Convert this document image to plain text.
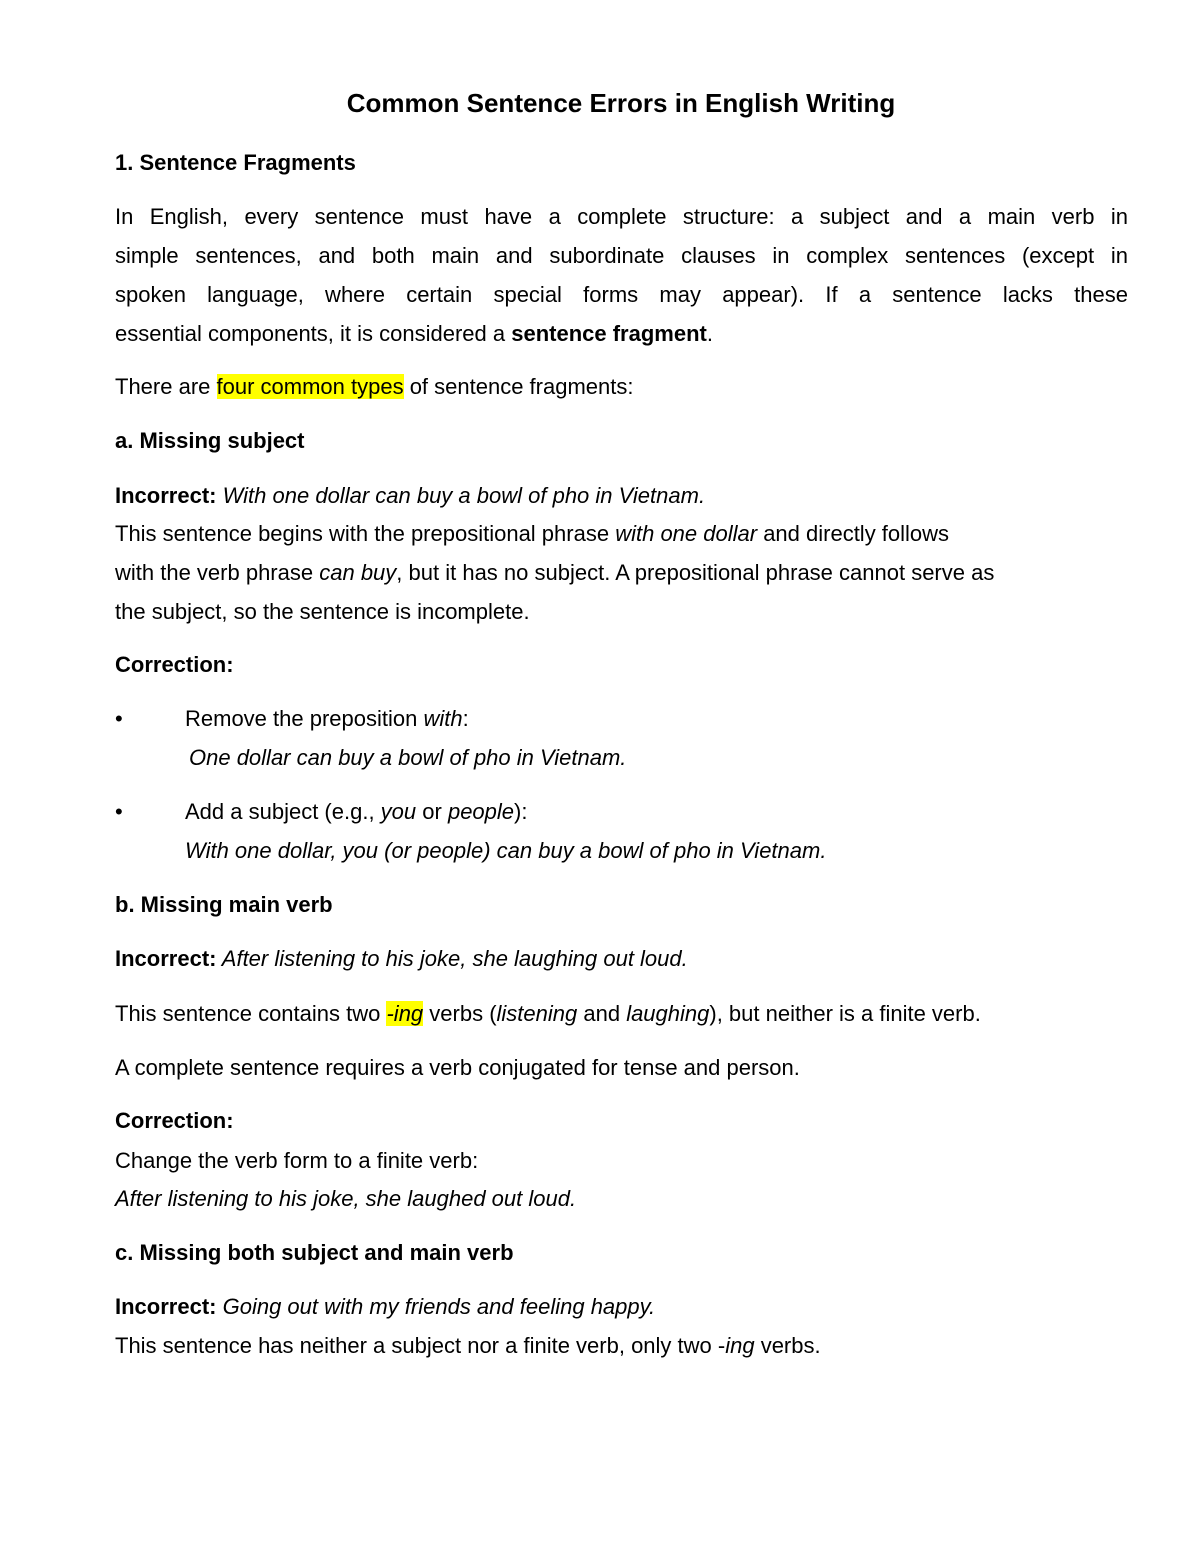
Common Sentence Errors in English Writing
1. Sentence Fragments
In English, every sentence must have a complete structure: a subject and a main verb in
simple sentences, and both main and subordinate clauses in complex sentences (except in
spoken language, where certain special forms may appear). If a sentence lacks these
essential components, it is considered a sentence fragment.
There are four common types of sentence fragments:
a. Missing subject
Incorrect: With one dollar can buy a bowl of pho in Vietnam.
This sentence begins with the prepositional phrase with one dollar and directly follows
with the verb phrase can buy, but it has no subject. A prepositional phrase cannot serve as
the subject, so the sentence is incomplete.
Correction:
•	Remove the preposition with:
One dollar can buy a bowl of pho in Vietnam.
•	Add a subject (e.g., you or people):
With one dollar, you (or people) can buy a bowl of pho in Vietnam.
b. Missing main verb
Incorrect: After listening to his joke, she laughing out loud.
This sentence contains two -ing verbs (listening and laughing), but neither is a finite verb.
A complete sentence requires a verb conjugated for tense and person.
Correction:
Change the verb form to a finite verb:
After listening to his joke, she laughed out loud.
c. Missing both subject and main verb
Incorrect: Going out with my friends and feeling happy.
This sentence has neither a subject nor a finite verb, only two -ing verbs.
